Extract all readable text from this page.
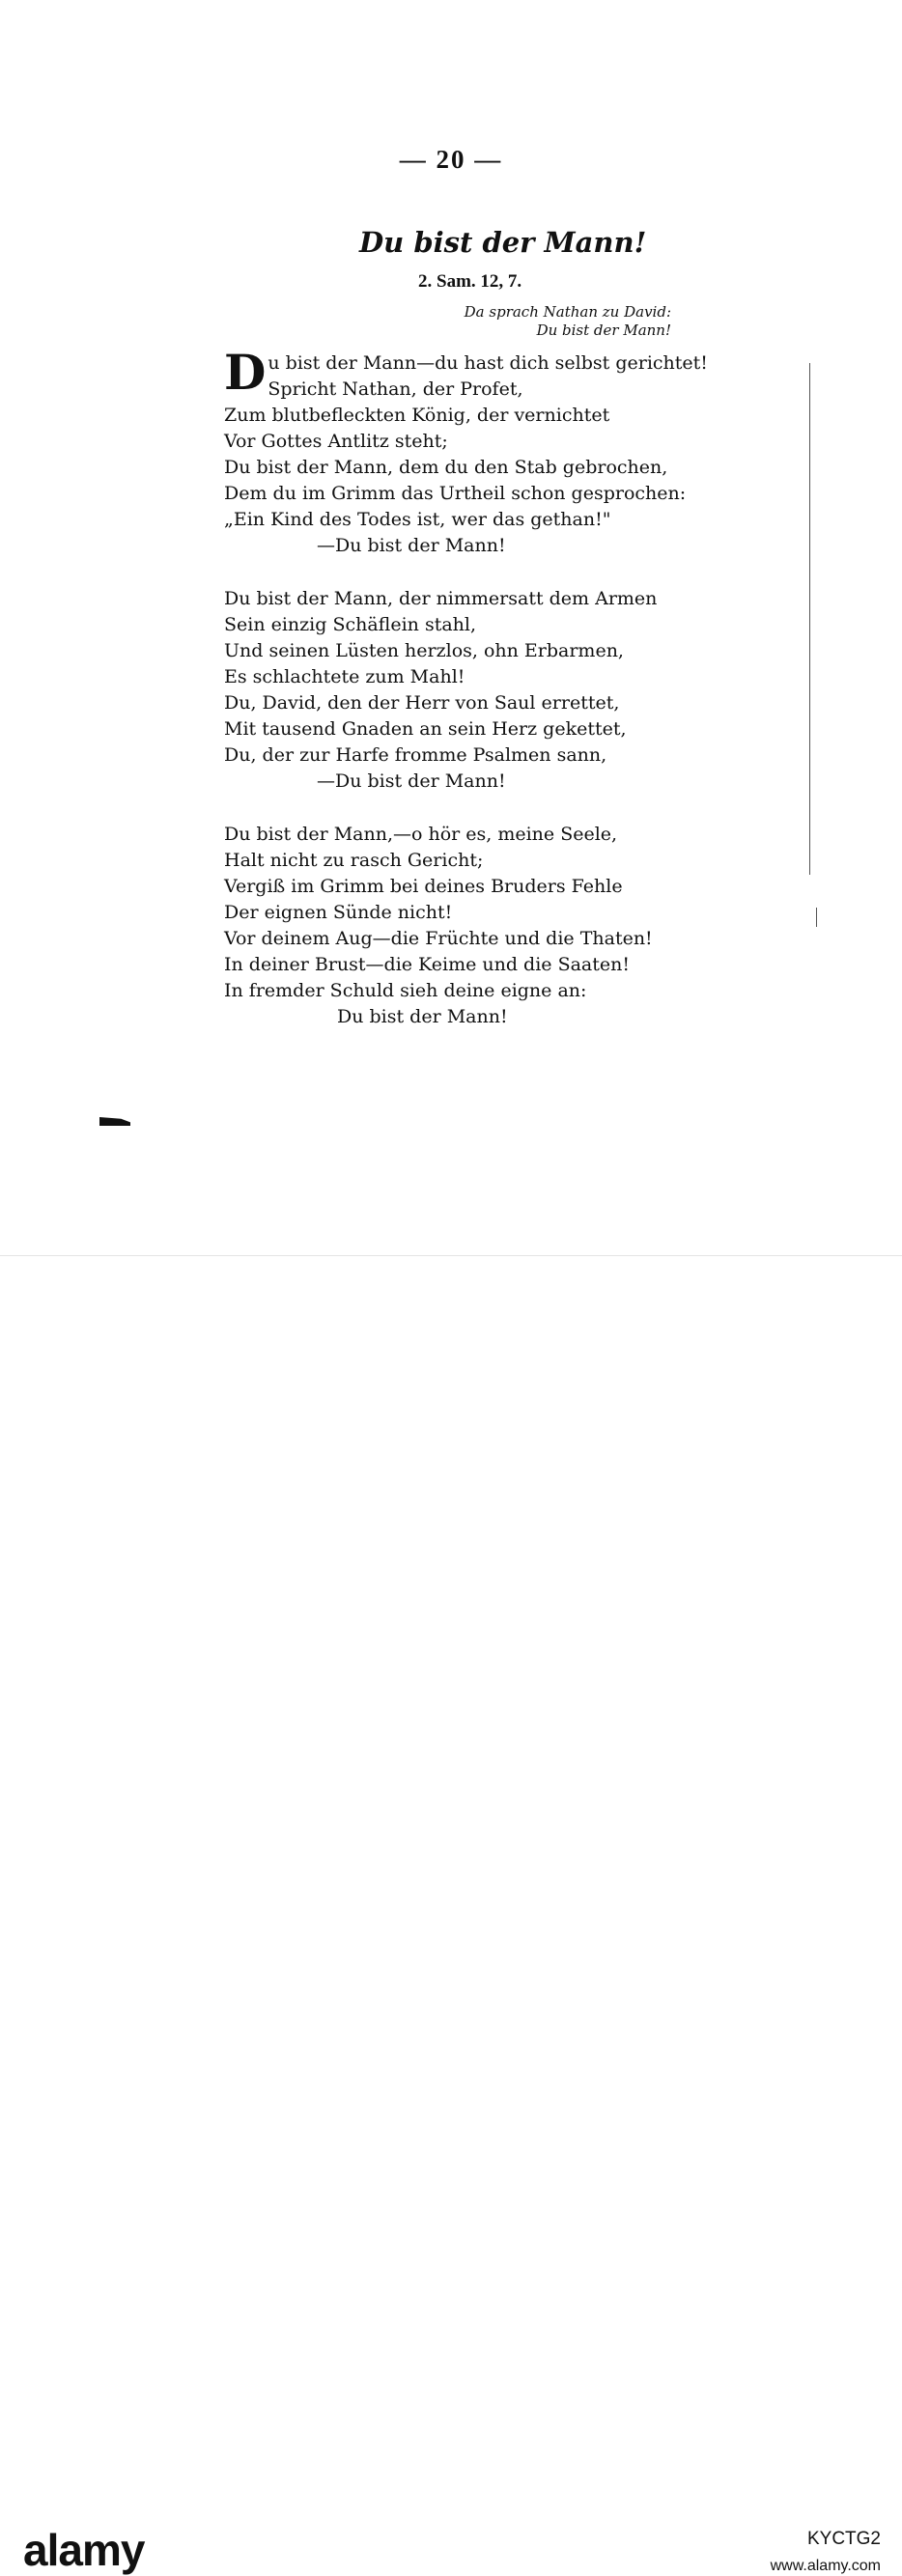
— 20 —
Du bist der Mann!
2. Sam. 12, 7.
Da sprach Nathan zu David:
Du bist der Mann!
Du bist der Mann—du hast dich selbst gerichtet!
Spricht Nathan, der Profet,
Zum blutbefleckten König, der vernichtet
Vor Gottes Antlitz steht;
Du bist der Mann, dem du den Stab gebrochen,
Dem du im Grimm das Urtheil schon gesprochen:
„Ein Kind des Todes ist, wer das gethan!"
—Du bist der Mann!
Du bist der Mann, der nimmersatt dem Armen
Sein einzig Schäflein stahl,
Und seinen Lüsten herzlos, ohn Erbarmen,
Es schlachtete zum Mahl!
Du, David, den der Herr von Saul errettet,
Mit tausend Gnaden an sein Herz gekettet,
Du, der zur Harfe fromme Psalmen sann,
—Du bist der Mann!
Du bist der Mann,—o hör es, meine Seele,
Halt nicht zu rasch Gericht;
Vergiß im Grimm bei deines Bruders Fehle
Der eignen Sünde nicht!
Vor deinem Aug—die Früchte und die Thaten!
In deiner Brust—die Keime und die Saaten!
In fremder Schuld sieh deine eigne an:
Du bist der Mann!
alamy	KYCTG2
www.alamy.com
